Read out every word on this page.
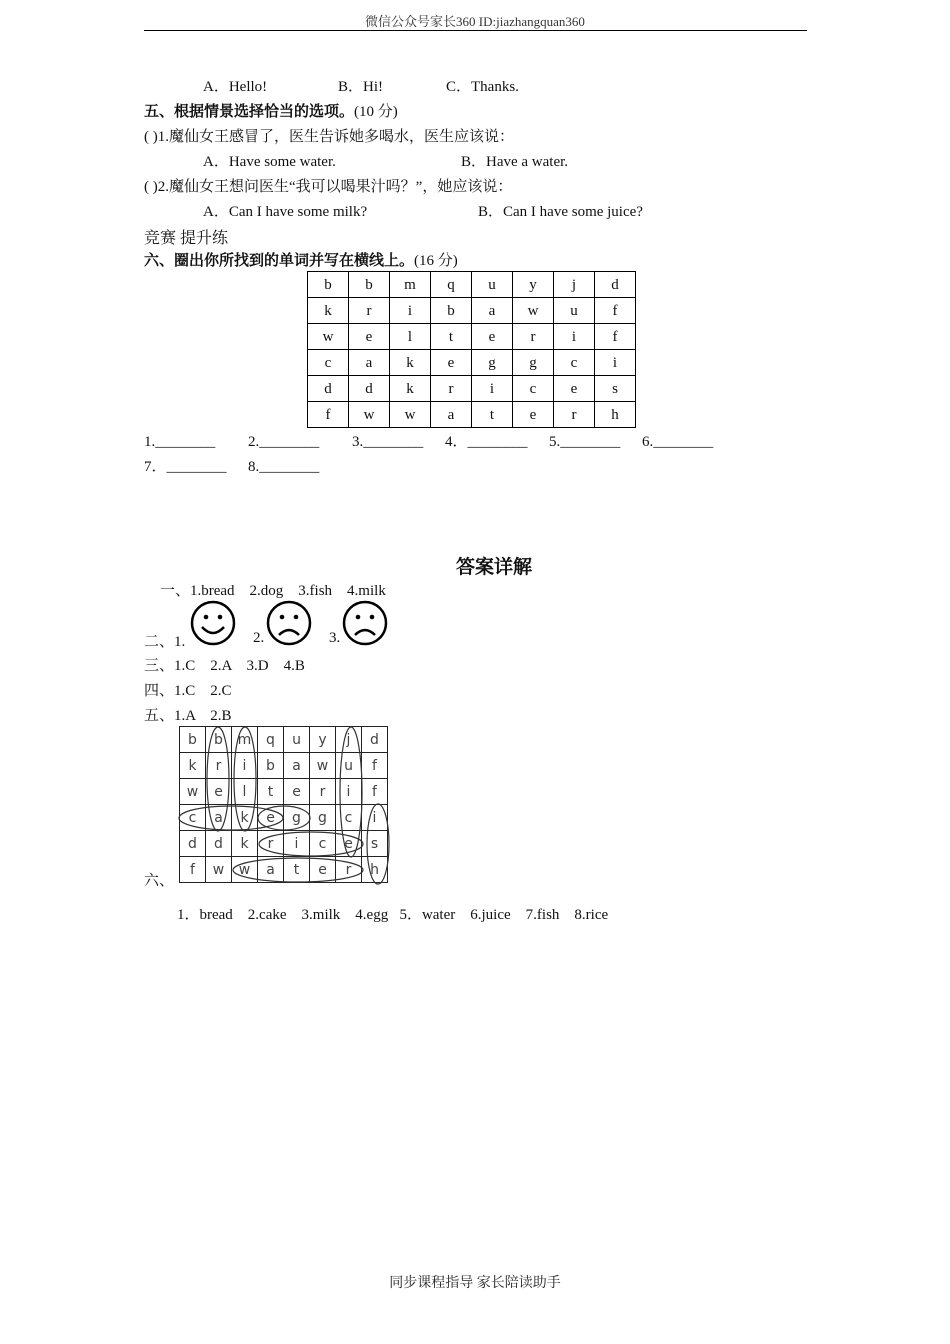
微信公众号家长360 ID:jiazhangquan360
A．Hello!	B．Hi!	C．Thanks.
五、根据情景选择恰当的选项。(10 分)
( )1.魔仙女王感冒了，医生告诉她多喝水，医生应该说：
A．Have some water.	B．Have a water.
( )2.魔仙女王想问医生“我可以喝果汁吗？”，她应该说：
A．Can I have some milk?	B．Can I have some juice?
竞赛 提升练
六、圈出你所找到的单词并写在横线上。(16 分)
b	b	m	q	u	y	j	d
k	r	i	b	a	w	u	f
w	e	l	t	e	r	i	f
c	a	k	e	g	g	c	i
d	d	k	r	i	c	e	s
f	w	w	a	t	e	r	h
1.________ 2.________ 3.________ 4．________ 5.________ 6.________
7．________ 8.________
答案详解
一、1.bread    2.dog    3.fish    4.milk
二、1.	2.	3.
三、1.C    2.A    3.D    4.B
四、1.C    2.C
五、1.A    2.B
b	b	m	q	u	y	j	d
k	r	i	b	a	w	u	f
w	e	l	t	e	r	i	f
c	a	k	e	g	g	c	i
d	d	k	r	i	c	e	s
f	w	w	a	t	e	r	h
六、
1．bread    2.cake    3.milk    4.egg   5．water    6.juice    7.fish    8.rice
同步课程指导 家长陪读助手
